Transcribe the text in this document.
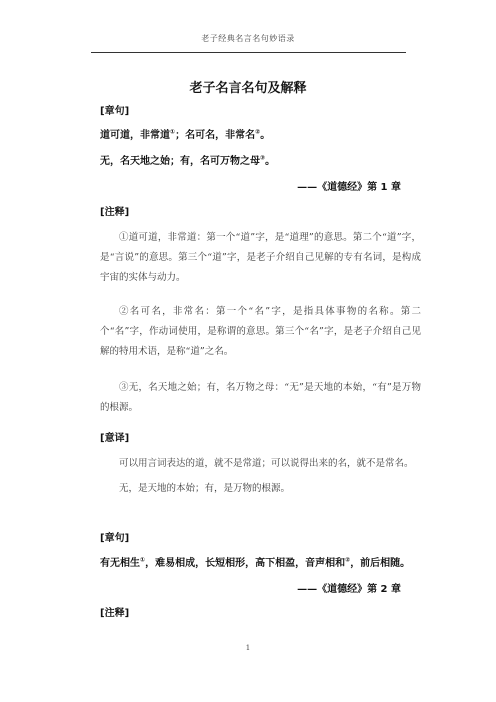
老子经典名言名句妙语录
老子名言名句及解释
[章句]
道可道，非常道①；名可名，非常名②。
无，名天地之始；有，名可万物之母③。
——《道德经》第 1 章
[注释]

①道可道，非常道：第一个“道”字，是“道理”的意思。第二个“道”字，是“言说”的意思。第三个“道”字，是老子介绍自己见解的专有名词，是构成宇宙的实体与动力。

②名可名，非常名：第一个“名”字，是指具体事物的名称。第二个“名”字，作动词使用，是称谓的意思。第三个“名”字，是老子介绍自己见解的特用术语，是称“道”之名。

③无，名天地之始；有，名万物之母：“无”是天地的本始，“有”是万物的根源。

[意译]

可以用言词表达的道，就不是常道；可以说得出来的名，就不是常名。

无，是天地的本始；有，是万物的根源。

[章句]
有无相生①，难易相成，长短相形，高下相盈，音声相和②，前后相随。
——《道德经》第 2 章
[注释]
1
